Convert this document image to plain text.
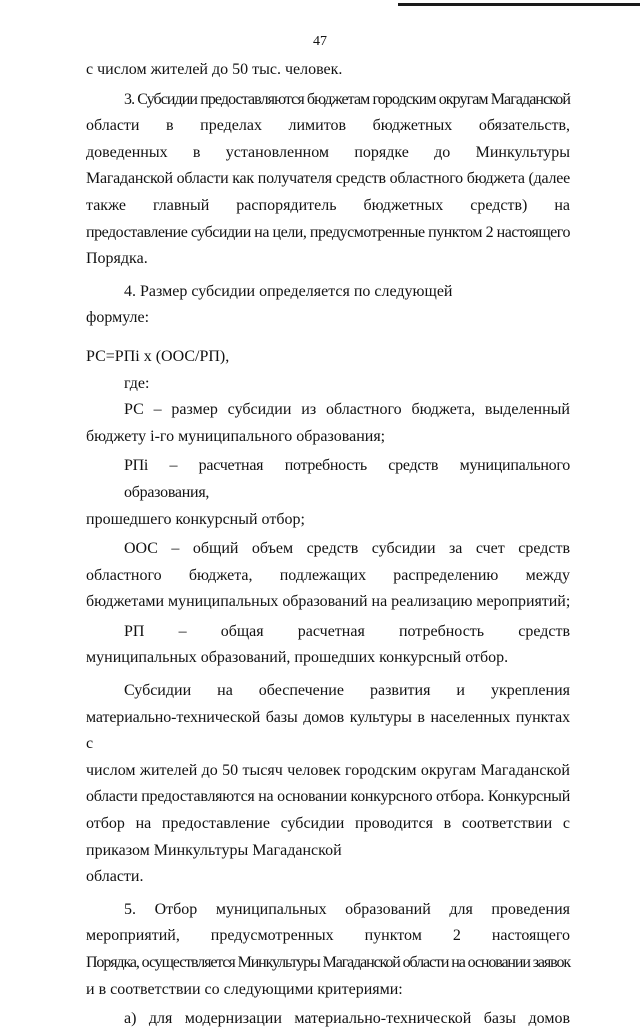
47

с числом жителей до 50 тыс. человек.

3. Субсидии предоставляются бюджетам городским округам Магаданской
области в пределах лимитов бюджетных обязательств,
доведенных в установленном порядке до Минкультуры
Магаданской области как получателя средств областного бюджета (далее
также главный распорядитель бюджетных средств) на
предоставление субсидии на цели, предусмотренные пунктом 2 настоящего
Порядка.

4. Размер субсидии определяется по следующей
формуле:

РС=РПi x (ООС/РП),

где:

РС – размер субсидии из областного бюджета, выделенный
бюджету i-го муниципального образования;

РПi – расчетная потребность средств муниципального образования,
прошедшего конкурсный отбор;

ООС – общий объем средств субсидии за счет средств
областного бюджета, подлежащих распределению между
бюджетами муниципальных образований на реализацию мероприятий;

РП – общая расчетная потребность средств
муниципальных образований, прошедших конкурсный отбор.

Субсидии на обеспечение развития и укрепления
материально-технической базы домов культуры в населенных пунктах с
числом жителей до 50 тысяч человек городским округам Магаданской
области предоставляются на основании конкурсного отбора. Конкурсный
отбор на предоставление субсидии проводится в соответствии с
приказом Минкультуры Магаданской
области.

5. Отбор муниципальных образований для проведения
мероприятий, предусмотренных пунктом 2 настоящего
Порядка, осуществляется Минкультуры Магаданской области на основании заявок
и в соответствии со следующими критериями:

а) для модернизации материально-технической базы домов
